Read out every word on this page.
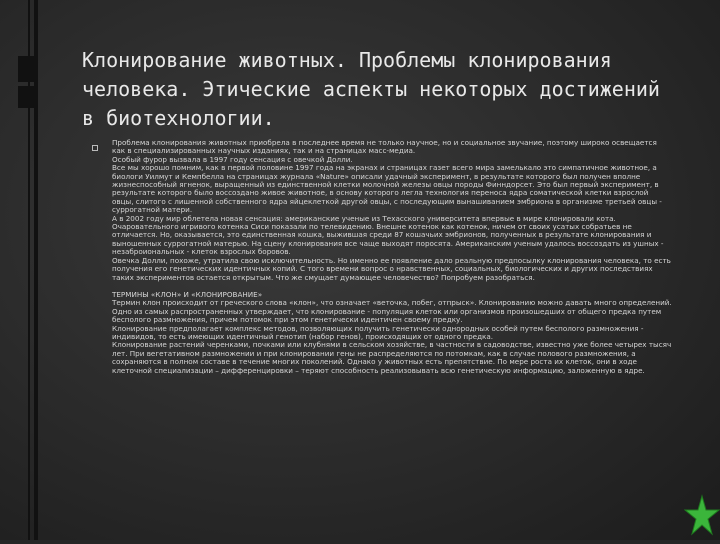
Клонирование животных. Проблемы клонирования человека. Этические аспекты некоторых достижений в биотехнологии.

Проблема клонирования животных приобрела в последнее время не только научное, но и социальное звучание, поэтому широко освещается как в специализированных научных изданиях, так и на страницах масс-медиа.

Особый фурор вызвала в 1997 году сенсация с овечкой Долли.

Все мы хорошо помним, как в первой половине 1997 года на экранах и страницах газет всего мира замелькало это симпатичное животное, а биологи Уилмут и Кемпбелла на страницах журнала «Nature» описали удачный эксперимент, в результате которого был получен вполне жизнеспособный ягненок, выращенный из единственной клетки молочной железы овцы породы Финндорсет. Это был первый эксперимент, в результате которого было воссоздано живое животное, в основу которого легла технология переноса ядра соматической клетки взрослой овцы, слитого с лишенной собственного ядра яйцеклеткой другой овцы, с последующим вынашиванием эмбриона в организме третьей овцы - суррогатной матери.

А в 2002 году мир облетела новая сенсация: американские ученые из Техасского университета впервые в мире клонировали кота. Очаровательного игривого котенка Сиси показали по телевидению. Внешне котенок как котенок, ничем от своих усатых собратьев не отличается. Но, оказывается, это единственная кошка, выжившая среди 87 кошачьих эмбрионов, полученных в результате клонирования и выношенных суррогатной матерью. На сцену клонирования все чаще выходят поросята. Американским ученым удалось воссоздать из ушных - незаброиональных - клеток взрослых боровов.

Овечка Долли, похоже, утратила свою исключительность. Но именно ее появление дало реальную предпосылку клонирования человека, то есть получения его генетических идентичных копий. С того времени вопрос о нравственных, социальных, биологических и других последствиях таких экспериментов остается открытым. Что же смущает думающее человечество? Попробуем разобраться.

ТЕРМИНЫ «КЛОН» И «КЛОНИРОВАНИЕ»

Термин клон происходит от греческого слова «клон», что означает «веточка, побег, отпрыск». Клонированию можно давать много определений. Одно из самых распространенных утверждает, что клонирование - популяция клеток или организмов произошедших от общего предка путем бесполого размножения, причем потомок при этом генетически идентичен своему предку.

Клонирование предполагает комплекс методов, позволяющих получить генетически однородных особей путем бесполого размножения - индивидов, то есть имеющих идентичный генотип (набор генов), происходящих от одного предка.

Клонирование растений черенками, почками или клубнями в сельском хозяйстве, в частности в садоводстве, известно уже более четырех тысяч лет. При вегетативном размножении и при клонировании гены не распределяются по потомкам, как в случае полового размножения, а сохраняются в полном составе в течение многих поколений. Однако у животных есть препятствие. По мере роста их клеток, они в ходе клеточной специализации – дифференцировки – теряют способность реализовывать всю генетическую информацию, заложенную в ядре.
